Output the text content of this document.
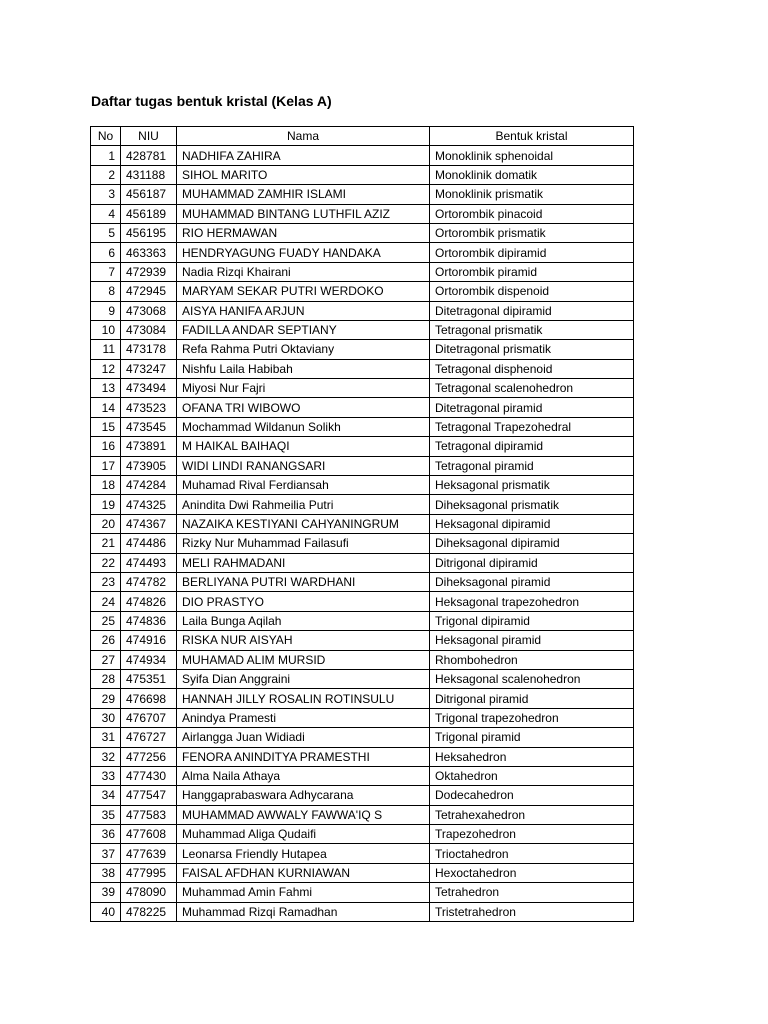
Daftar tugas bentuk kristal (Kelas A)
No	NIU	Nama	Bentuk kristal
1	428781	NADHIFA ZAHIRA	Monoklinik sphenoidal
2	431188	SIHOL MARITO	Monoklinik domatik
3	456187	MUHAMMAD ZAMHIR ISLAMI	Monoklinik prismatik
4	456189	MUHAMMAD BINTANG LUTHFIL AZIZ	Ortorombik pinacoid
5	456195	RIO HERMAWAN	Ortorombik prismatik
6	463363	HENDRYAGUNG FUADY HANDAKA	Ortorombik dipiramid
7	472939	Nadia Rizqi Khairani	Ortorombik piramid
8	472945	MARYAM SEKAR PUTRI WERDOKO	Ortorombik dispenoid
9	473068	AISYA HANIFA ARJUN	Ditetragonal dipiramid
10	473084	FADILLA ANDAR SEPTIANY	Tetragonal prismatik
11	473178	Refa Rahma Putri Oktaviany	Ditetragonal prismatik
12	473247	Nishfu Laila Habibah	Tetragonal disphenoid
13	473494	Miyosi Nur Fajri	Tetragonal scalenohedron
14	473523	OFANA TRI WIBOWO	Ditetragonal piramid
15	473545	Mochammad Wildanun Solikh	Tetragonal Trapezohedral
16	473891	M HAIKAL BAIHAQI	Tetragonal dipiramid
17	473905	WIDI LINDI RANANGSARI	Tetragonal piramid
18	474284	Muhamad Rival Ferdiansah	Heksagonal prismatik
19	474325	Anindita Dwi Rahmeilia Putri	Diheksagonal prismatik
20	474367	NAZAIKA KESTIYANI CAHYANINGRUM	Heksagonal dipiramid
21	474486	Rizky Nur Muhammad Failasufi	Diheksagonal dipiramid
22	474493	MELI RAHMADANI	Ditrigonal dipiramid
23	474782	BERLIYANA PUTRI WARDHANI	Diheksagonal piramid
24	474826	DIO PRASTYO	Heksagonal trapezohedron
25	474836	Laila Bunga Aqilah	Trigonal dipiramid
26	474916	RISKA NUR AISYAH	Heksagonal piramid
27	474934	MUHAMAD ALIM MURSID	Rhombohedron
28	475351	Syifa Dian Anggraini	Heksagonal scalenohedron
29	476698	HANNAH JILLY ROSALIN ROTINSULU	Ditrigonal piramid
30	476707	Anindya Pramesti	Trigonal trapezohedron
31	476727	Airlangga Juan Widiadi	Trigonal piramid
32	477256	FENORA ANINDITYA PRAMESTHI	Heksahedron
33	477430	Alma Naila Athaya	Oktahedron
34	477547	Hanggaprabaswara Adhycarana	Dodecahedron
35	477583	MUHAMMAD AWWALY FAWWA'IQ S	Tetrahexahedron
36	477608	Muhammad Aliga Qudaifi	Trapezohedron
37	477639	Leonarsa Friendly Hutapea	Trioctahedron
38	477995	FAISAL AFDHAN KURNIAWAN	Hexoctahedron
39	478090	Muhammad Amin Fahmi	Tetrahedron
40	478225	Muhammad Rizqi Ramadhan	Tristetrahedron
